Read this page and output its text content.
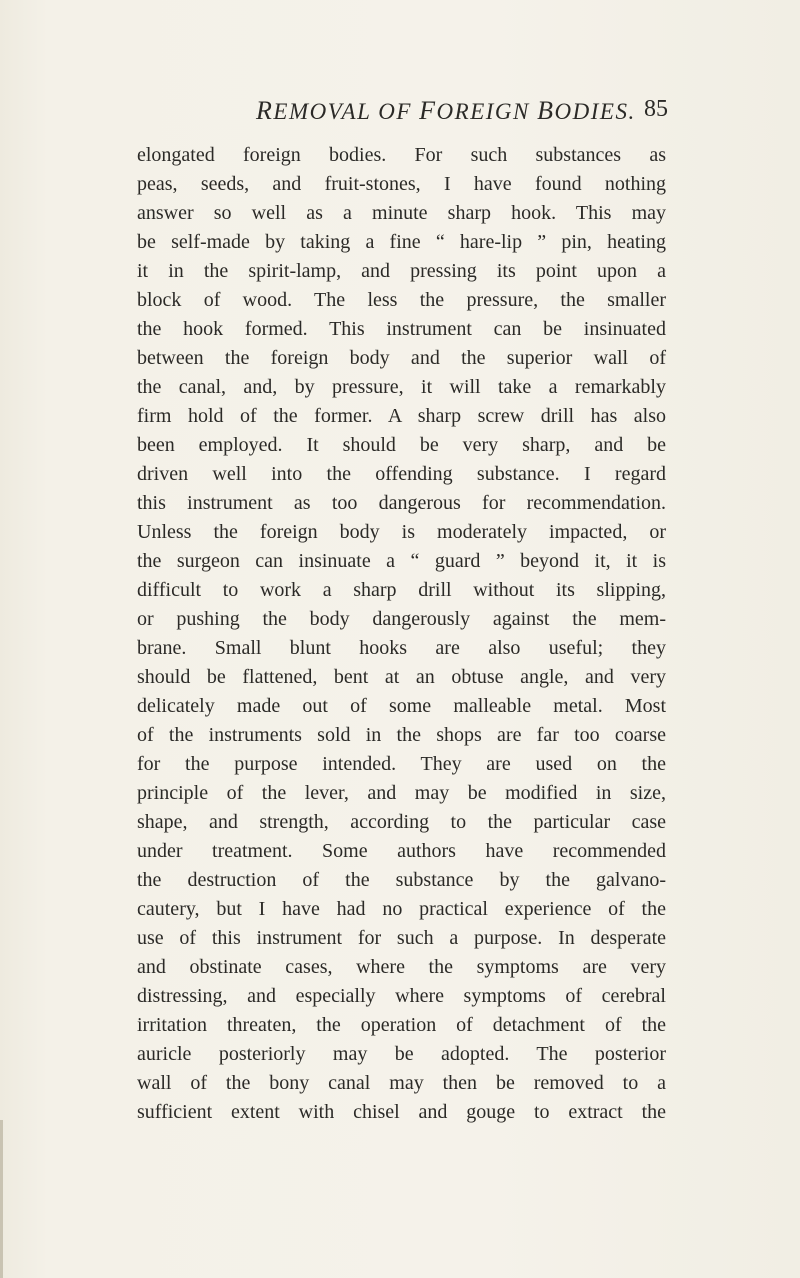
REMOVAL OF FOREIGN BODIES. 85
elongated foreign bodies. For such substances as
peas, seeds, and fruit-stones, I have found nothing
answer so well as a minute sharp hook. This may
be self-made by taking a fine “ hare-lip ” pin, heating
it in the spirit-lamp, and pressing its point upon a
block of wood. The less the pressure, the smaller
the hook formed. This instrument can be insinuated
between the foreign body and the superior wall of
the canal, and, by pressure, it will take a remarkably
firm hold of the former. A sharp screw drill has also
been employed. It should be very sharp, and be
driven well into the offending substance. I regard
this instrument as too dangerous for recommendation.
Unless the foreign body is moderately impacted, or
the surgeon can insinuate a “ guard ” beyond it, it is
difficult to work a sharp drill without its slipping,
or pushing the body dangerously against the mem-
brane. Small blunt hooks are also useful; they
should be flattened, bent at an obtuse angle, and very
delicately made out of some malleable metal. Most
of the instruments sold in the shops are far too coarse
for the purpose intended. They are used on the
principle of the lever, and may be modified in size,
shape, and strength, according to the particular case
under treatment. Some authors have recommended
the destruction of the substance by the galvano-
cautery, but I have had no practical experience of the
use of this instrument for such a purpose. In desperate
and obstinate cases, where the symptoms are very
distressing, and especially where symptoms of cerebral
irritation threaten, the operation of detachment of the
auricle posteriorly may be adopted. The posterior
wall of the bony canal may then be removed to a
sufficient extent with chisel and gouge to extract the
